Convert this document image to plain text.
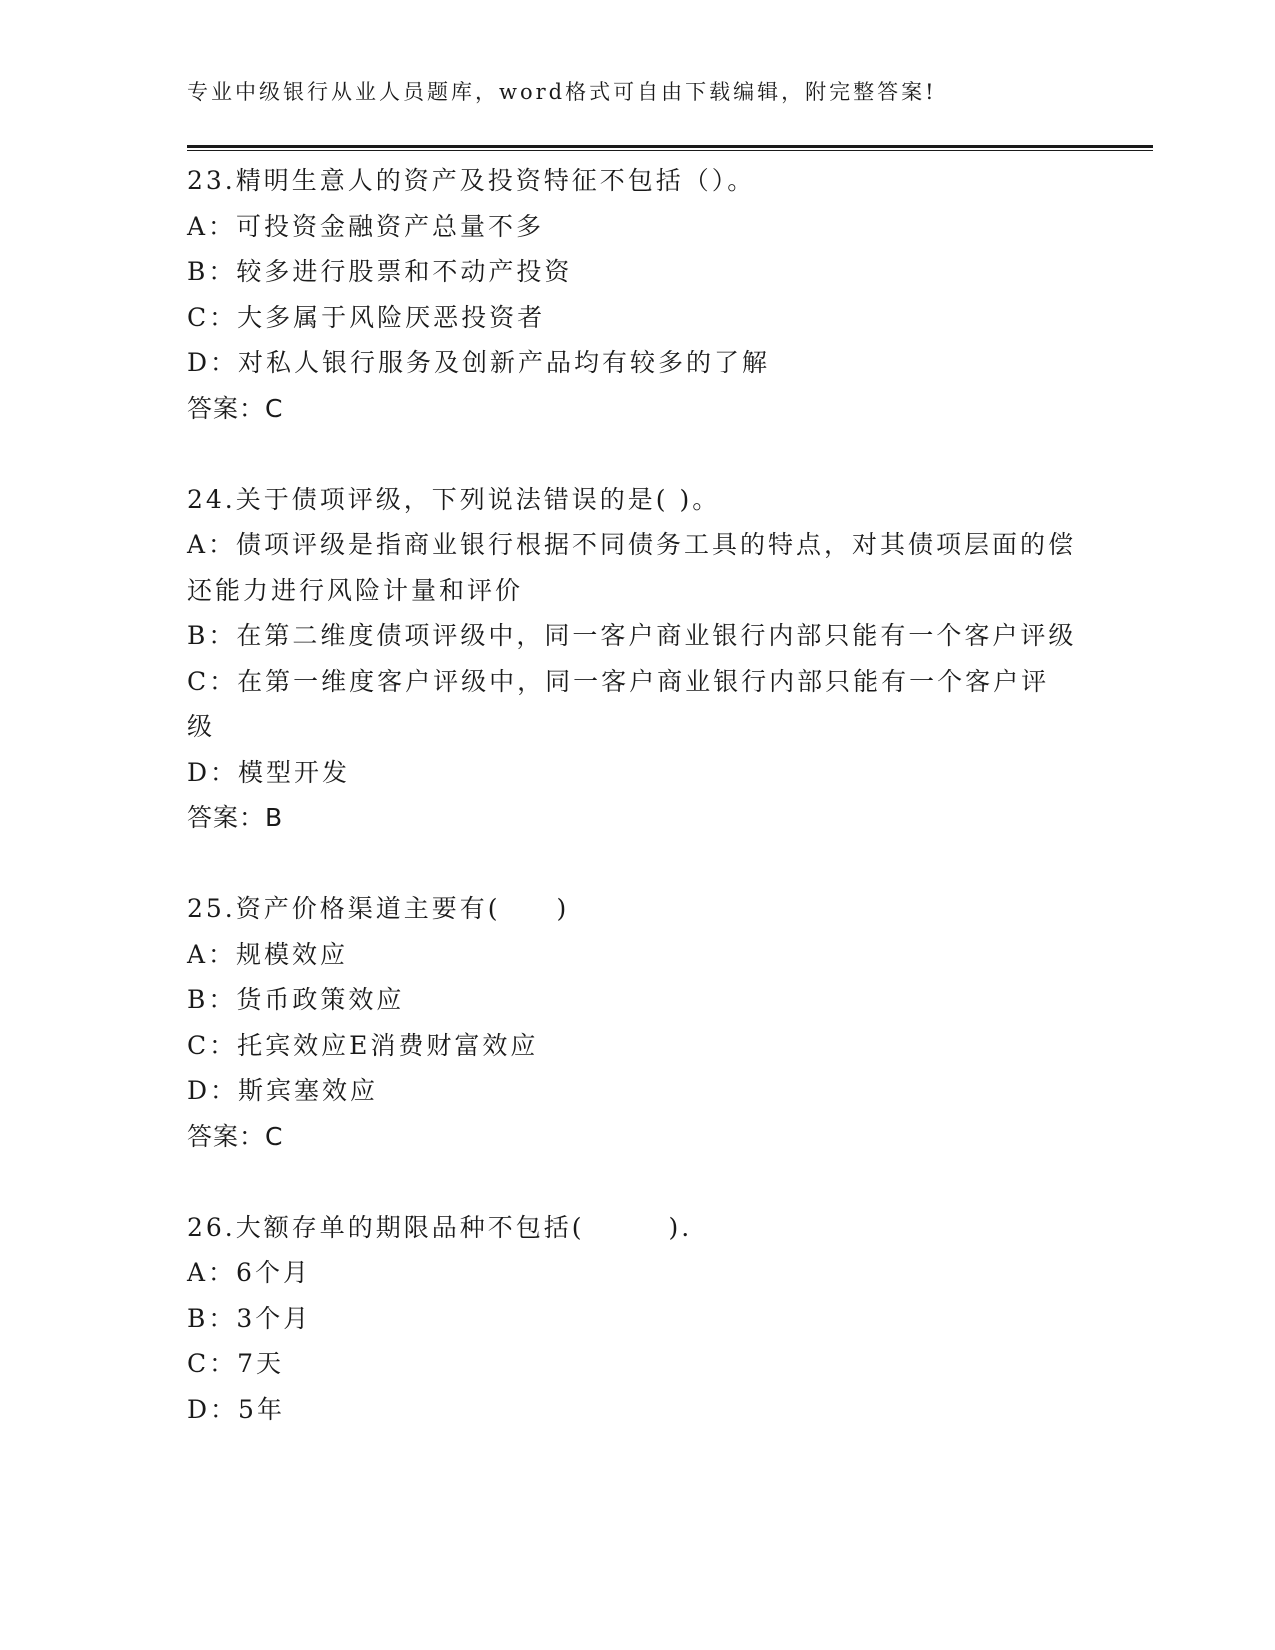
专业中级银行从业人员题库，word格式可自由下载编辑，附完整答案!
23.精明生意人的资产及投资特征不包括（）。
A：可投资金融资产总量不多
B：较多进行股票和不动产投资
C：大多属于风险厌恶投资者
D：对私人银行服务及创新产品均有较多的了解
答案：C
24.关于债项评级，下列说法错误的是( )。
A：债项评级是指商业银行根据不同债务工具的特点，对其债项层面的偿还能力进行风险计量和评价
B：在第二维度债项评级中，同一客户商业银行内部只能有一个客户评级
C：在第一维度客户评级中，同一客户商业银行内部只能有一个客户评级
D：模型开发
答案：B
25.资产价格渠道主要有(　　)
A：规模效应
B：货币政策效应
C：托宾效应E消费财富效应
D：斯宾塞效应
答案：C
26.大额存单的期限品种不包括(　　　).
A：6个月
B：3个月
C：7天
D：5年
